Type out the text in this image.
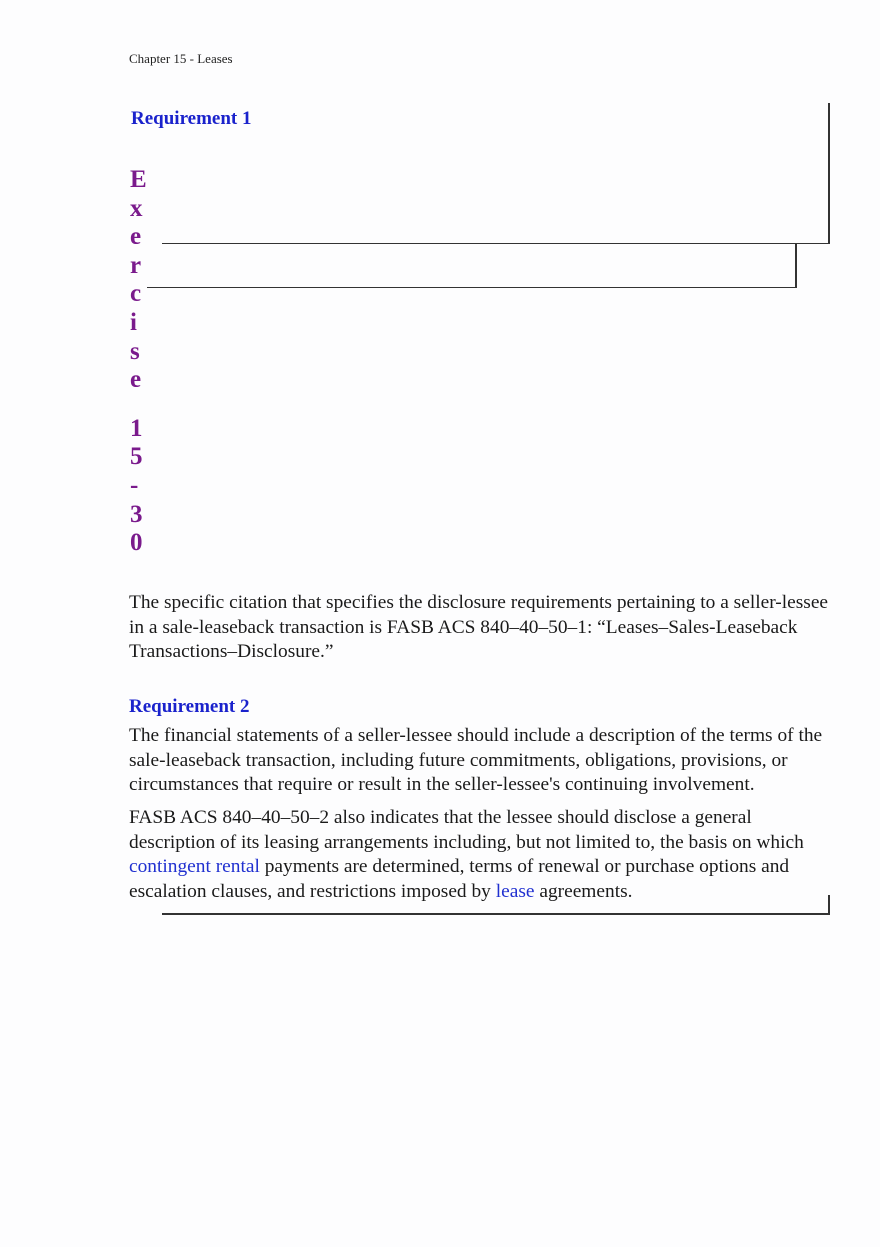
Chapter 15 - Leases
Requirement 1
E
x
e
r
c
i
s
e
1
5
-
3
0

The specific citation that specifies the disclosure requirements pertaining to a seller-lessee in a sale-leaseback transaction is FASB ACS 840–40–50–1: “Leases–Sales-Leaseback Transactions–Disclosure.”

Requirement 2

The financial statements of a seller-lessee should include a description of the terms of the sale-leaseback transaction, including future commitments, obligations, provisions, or circumstances that require or result in the seller-lessee's continuing involvement.

FASB ACS 840–40–50–2 also indicates that the lessee should disclose a general description of its leasing arrangements including, but not limited to, the basis on which contingent rental payments are determined, terms of renewal or purchase options and escalation clauses, and restrictions imposed by lease agreements.
